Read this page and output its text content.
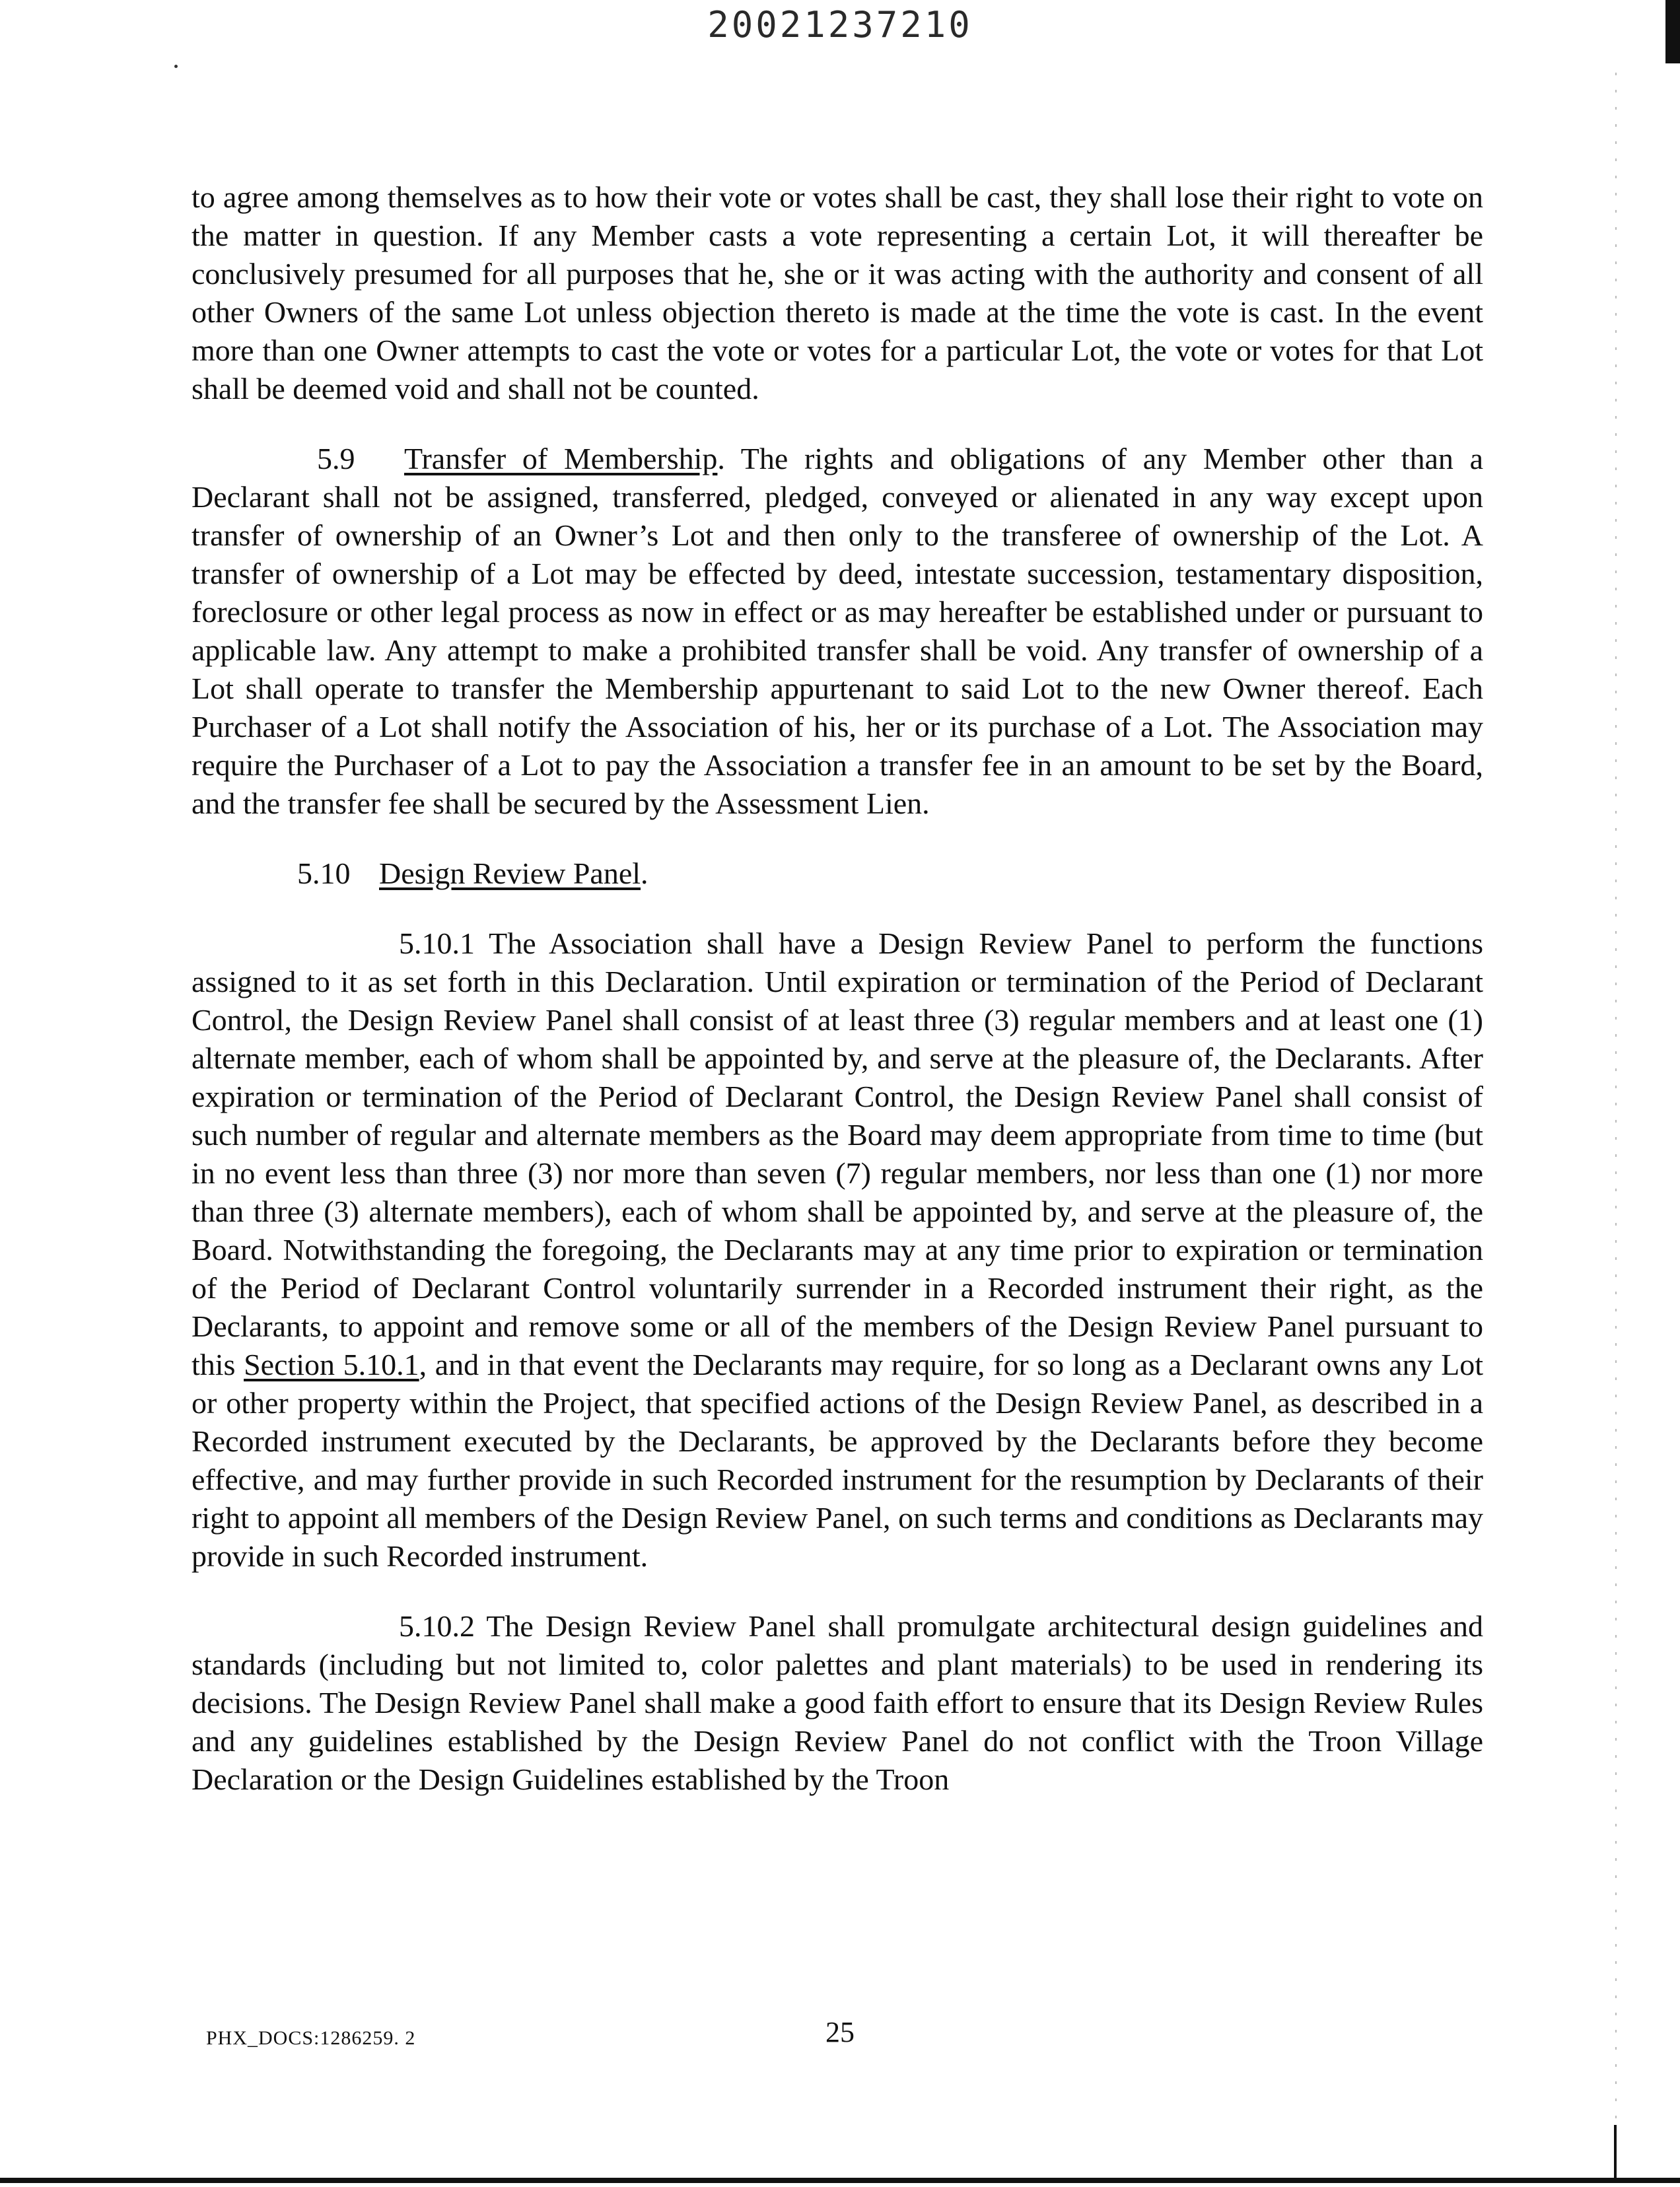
20021237210

to agree among themselves as to how their vote or votes shall be cast, they shall lose their right to vote on the matter in question. If any Member casts a vote representing a certain Lot, it will thereafter be conclusively presumed for all purposes that he, she or it was acting with the authority and consent of all other Owners of the same Lot unless objection thereto is made at the time the vote is cast. In the event more than one Owner attempts to cast the vote or votes for a particular Lot, the vote or votes for that Lot shall be deemed void and shall not be counted.

5.9 Transfer of Membership. The rights and obligations of any Member other than a Declarant shall not be assigned, transferred, pledged, conveyed or alienated in any way except upon transfer of ownership of an Owner’s Lot and then only to the transferee of ownership of the Lot. A transfer of ownership of a Lot may be effected by deed, intestate succession, testamentary disposition, foreclosure or other legal process as now in effect or as may hereafter be established under or pursuant to applicable law. Any attempt to make a prohibited transfer shall be void. Any transfer of ownership of a Lot shall operate to transfer the Membership appurtenant to said Lot to the new Owner thereof. Each Purchaser of a Lot shall notify the Association of his, her or its purchase of a Lot. The Association may require the Purchaser of a Lot to pay the Association a transfer fee in an amount to be set by the Board, and the transfer fee shall be secured by the Assessment Lien.

5.10 Design Review Panel.

5.10.1 The Association shall have a Design Review Panel to perform the functions assigned to it as set forth in this Declaration. Until expiration or termination of the Period of Declarant Control, the Design Review Panel shall consist of at least three (3) regular members and at least one (1) alternate member, each of whom shall be appointed by, and serve at the pleasure of, the Declarants. After expiration or termination of the Period of Declarant Control, the Design Review Panel shall consist of such number of regular and alternate members as the Board may deem appropriate from time to time (but in no event less than three (3) nor more than seven (7) regular members, nor less than one (1) nor more than three (3) alternate members), each of whom shall be appointed by, and serve at the pleasure of, the Board. Notwithstanding the foregoing, the Declarants may at any time prior to expiration or termination of the Period of Declarant Control voluntarily surrender in a Recorded instrument their right, as the Declarants, to appoint and remove some or all of the members of the Design Review Panel pursuant to this Section 5.10.1, and in that event the Declarants may require, for so long as a Declarant owns any Lot or other property within the Project, that specified actions of the Design Review Panel, as described in a Recorded instrument executed by the Declarants, be approved by the Declarants before they become effective, and may further provide in such Recorded instrument for the resumption by Declarants of their right to appoint all members of the Design Review Panel, on such terms and conditions as Declarants may provide in such Recorded instrument.

5.10.2 The Design Review Panel shall promulgate architectural design guidelines and standards (including but not limited to, color palettes and plant materials) to be used in rendering its decisions. The Design Review Panel shall make a good faith effort to ensure that its Design Review Rules and any guidelines established by the Design Review Panel do not conflict with the Troon Village Declaration or the Design Guidelines established by the Troon

PHX_DOCS:1286259. 2	25
